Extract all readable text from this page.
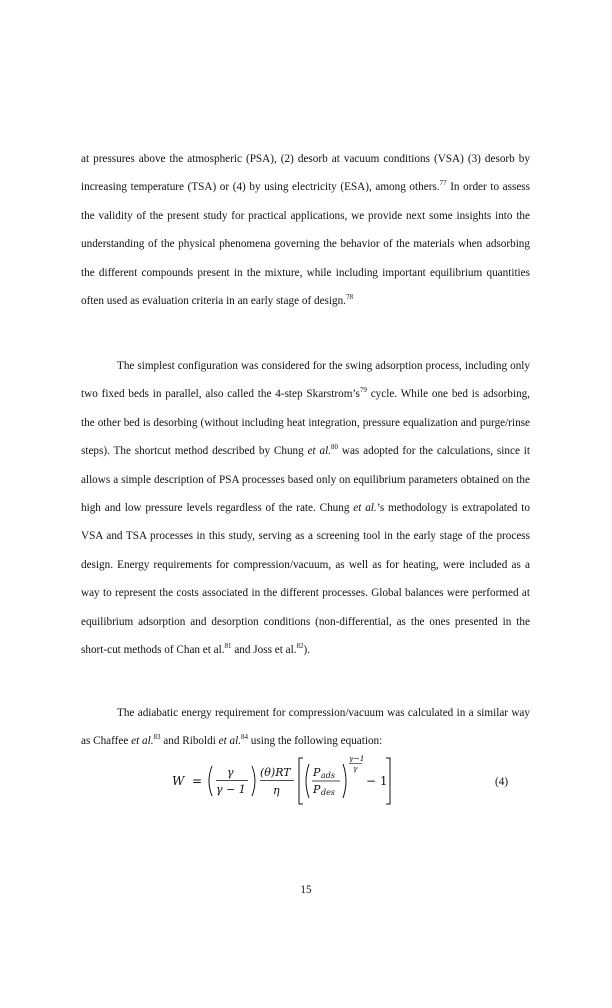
at pressures above the atmospheric (PSA), (2) desorb at vacuum conditions (VSA) (3) desorb by increasing temperature (TSA) or (4) by using electricity (ESA), among others.$^{77}$ In order to assess the validity of the present study for practical applications, we provide next some insights into the understanding of the physical phenomena governing the behavior of the materials when adsorbing the different compounds present in the mixture, while including important equilibrium quantities often used as evaluation criteria in an early stage of design.$^{78}$

The simplest configuration was considered for the swing adsorption process, including only two fixed beds in parallel, also called the 4-step $Skarstrom’s^{79}$ cycle. While one bed is adsorbing, the other bed is desorbing (without including heat integration, pressure equalization and purge/rinse steps). The shortcut method described by Chung et al.$^{80}$ was adopted for the calculations, since it allows a simple description of PSA processes based only on equilibrium parameters obtained on the high and low pressure levels regardless of the rate. Chung et al.’s methodology is extrapolated to VSA and TSA processes in this study, serving as a screening tool in the early stage of the process design. Energy requirements for compression/vacuum, as well as for heating, were included as a way to represent the costs associated in the different processes. Global balances were performed at equilibrium adsorption and desorption conditions (non-differential, as the ones presented in the short-cut methods of Chan et al.$^{81}$ and Joss et al.$^{82}$).

The adiabatic energy requirement for compression/vacuum was calculated in a similar way as Chaffee et al.$^{83}$ and Riboldi et al.$^{84}$ using the following equation:

W =
γ
γ − 1
(θ)RT
η
P ads
P des
γ−1
γ
− 1	(4)
15
